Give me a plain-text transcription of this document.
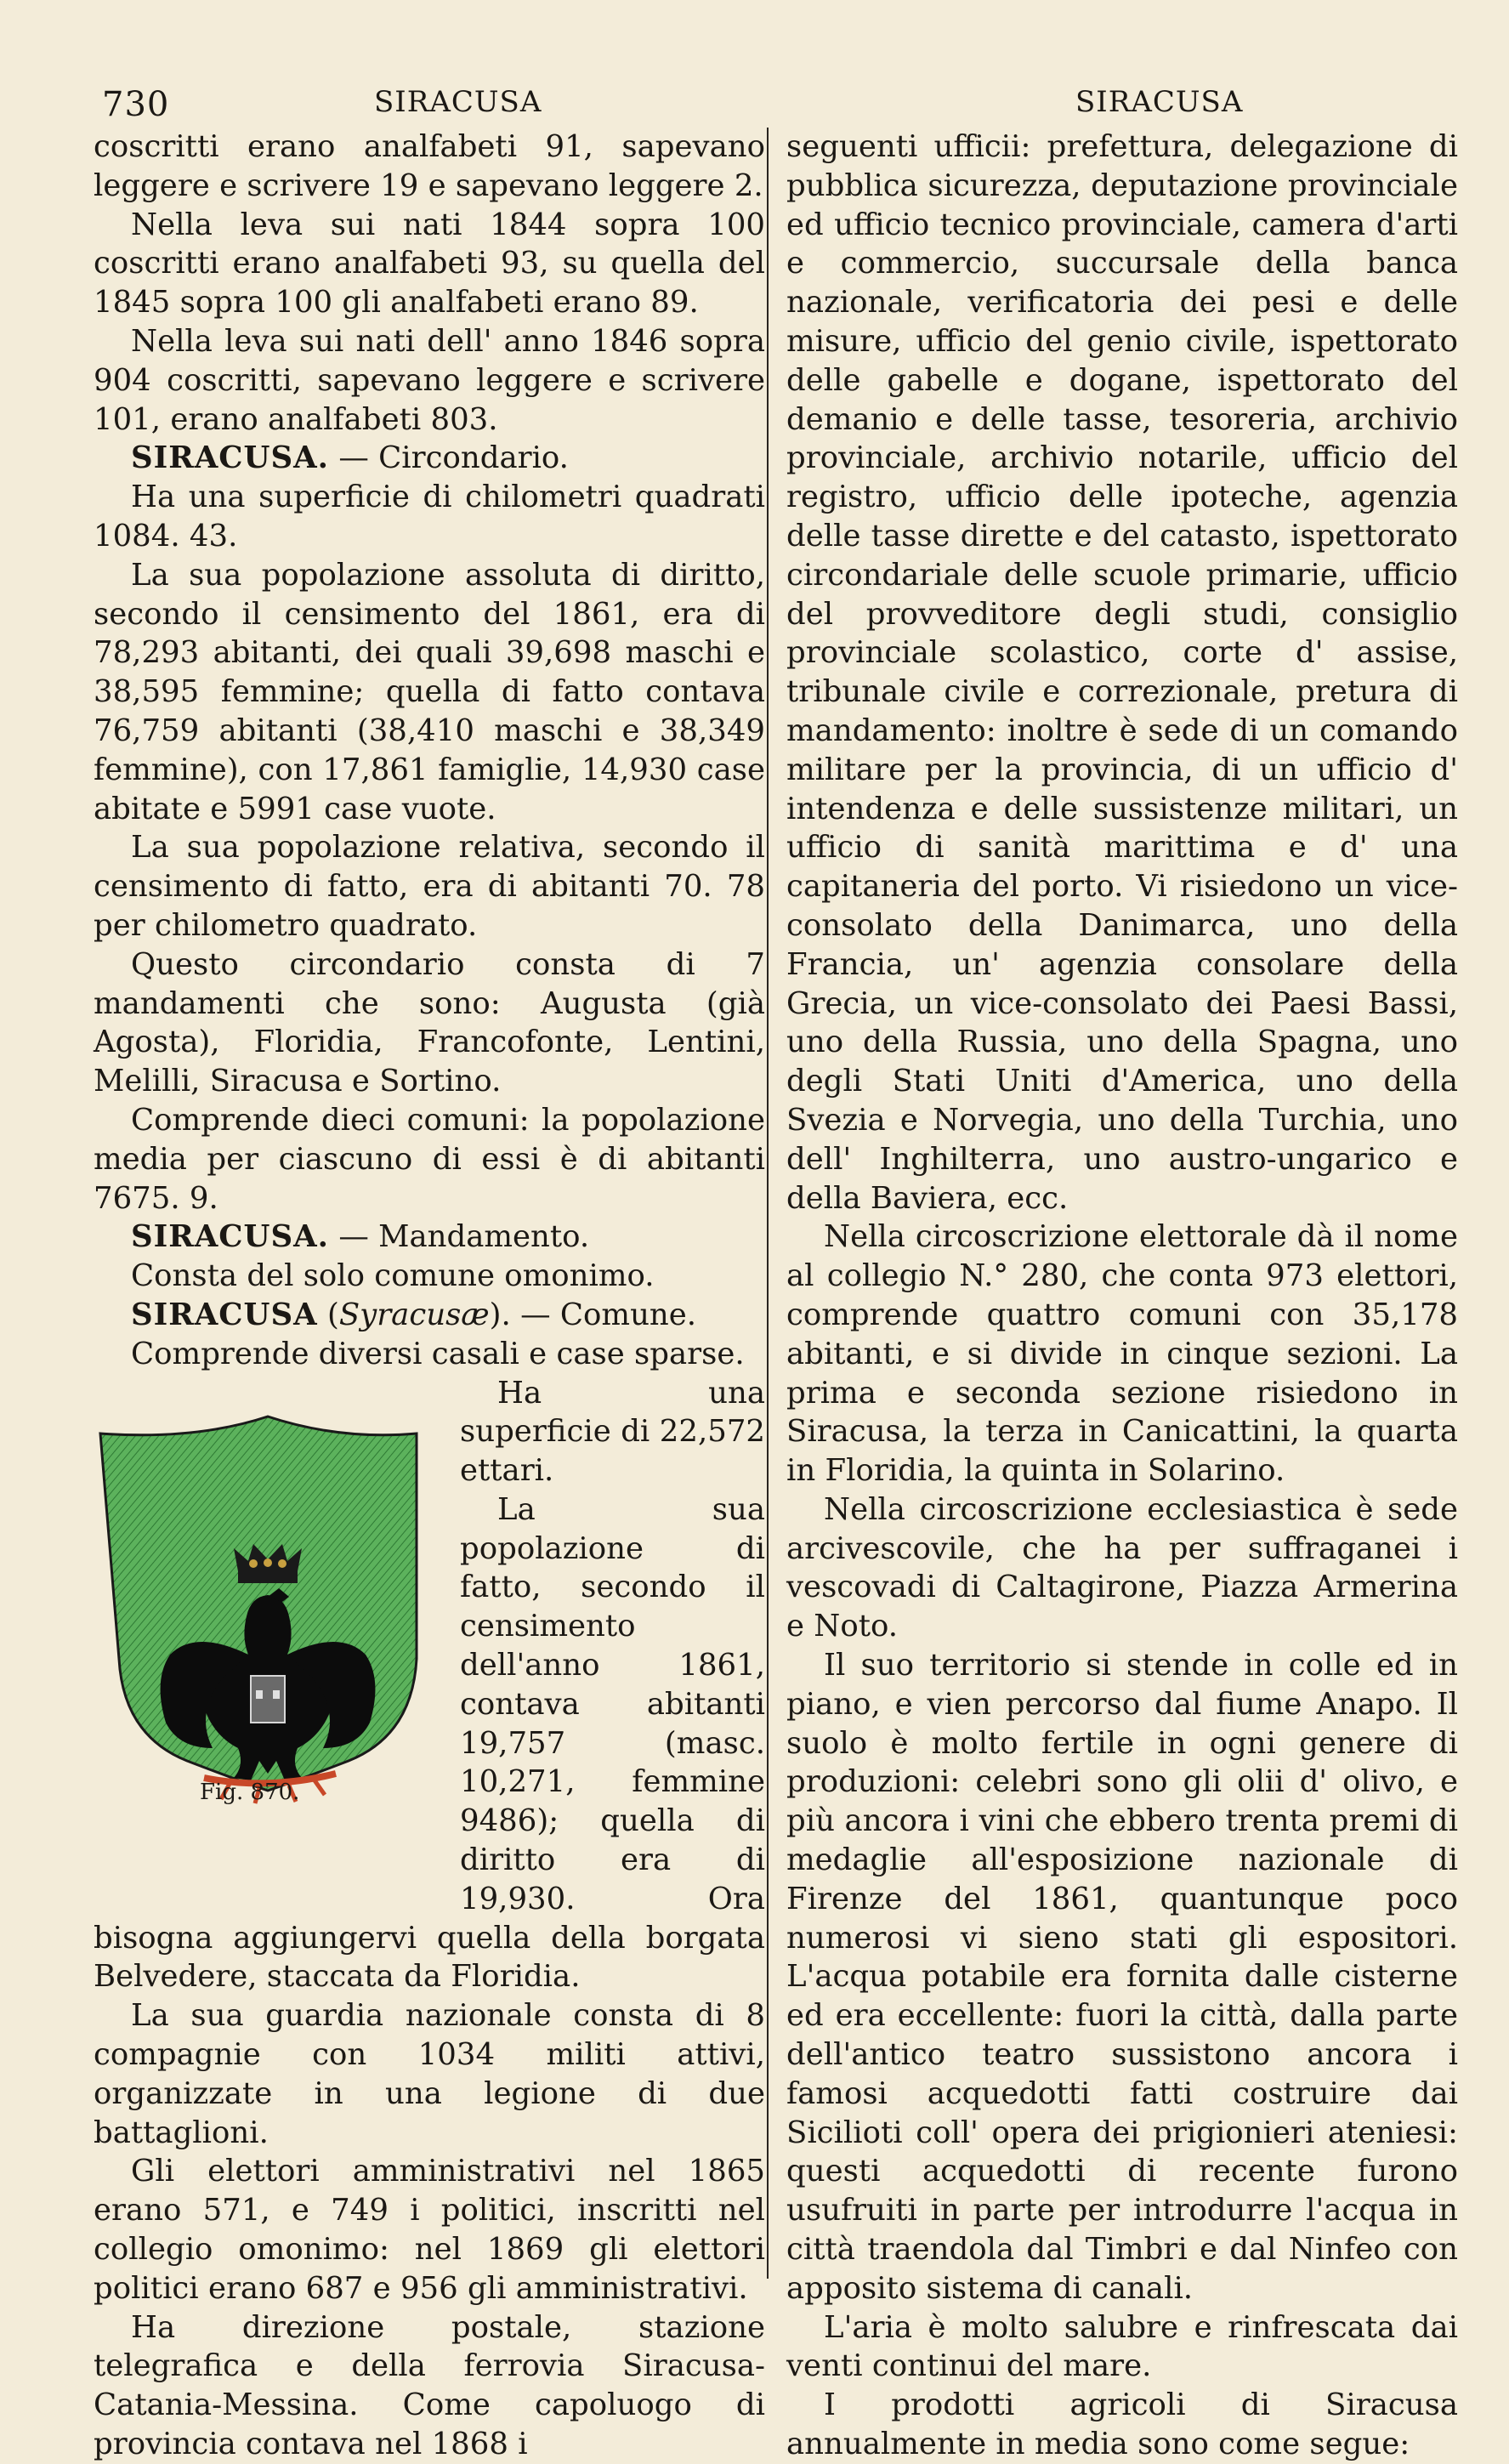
730	SIRACUSA	SIRACUSA

coscritti erano analfabeti 91, sapevano leggere e scrivere 19 e sapevano leggere 2.

Nella leva sui nati 1844 sopra 100 coscritti erano analfabeti 93, su quella del 1845 sopra 100 gli analfabeti erano 89.

Nella leva sui nati dell' anno 1846 sopra 904 coscritti, sapevano leggere e scrivere 101, erano analfabeti 803.

SIRACUSA. — Circondario.

Ha una superficie di chilometri quadrati 1084. 43.

La sua popolazione assoluta di diritto, secondo il censimento del 1861, era di 78,293 abitanti, dei quali 39,698 maschi e 38,595 femmine; quella di fatto contava 76,759 abitanti (38,410 maschi e 38,349 femmine), con 17,861 famiglie, 14,930 case abitate e 5991 case vuote.

La sua popolazione relativa, secondo il censimento di fatto, era di abitanti 70. 78 per chilometro quadrato.

Questo circondario consta di 7 mandamenti che sono: Augusta (già Agosta), Floridia, Francofonte, Lentini, Melilli, Siracusa e Sortino.

Comprende dieci comuni: la popolazione media per ciascuno di essi è di abitanti 7675. 9.

SIRACUSA. — Mandamento.

Consta del solo comune omonimo.

SIRACUSA (Syracusæ). — Comune.

Comprende diversi casali e case sparse.

Fig. 870.

Ha una superficie di 22,572 ettari.

La sua popolazione di fatto, secondo il censimento dell'anno 1861, contava abitanti 19,757 (masc. 10,271, femmine 9486); quella di diritto era di 19,930. Ora bisogna aggiungervi quella della borgata Belvedere, staccata da Floridia.

La sua guardia nazionale consta di 8 compagnie con 1034 militi attivi, organizzate in una legione di due battaglioni.

Gli elettori amministrativi nel 1865 erano 571, e 749 i politici, inscritti nel collegio omonimo: nel 1869 gli elettori politici erano 687 e 956 gli amministrativi.

Ha direzione postale, stazione telegrafica e della ferrovia Siracusa-Catania-Messina. Come capoluogo di provincia contava nel 1868 i

seguenti ufficii: prefettura, delegazione di pubblica sicurezza, deputazione provinciale ed ufficio tecnico provinciale, camera d'arti e commercio, succursale della banca nazionale, verificatoria dei pesi e delle misure, ufficio del genio civile, ispettorato delle gabelle e dogane, ispettorato del demanio e delle tasse, tesoreria, archivio provinciale, archivio notarile, ufficio del registro, ufficio delle ipoteche, agenzia delle tasse dirette e del catasto, ispettorato circondariale delle scuole primarie, ufficio del provveditore degli studi, consiglio provinciale scolastico, corte d' assise, tribunale civile e correzionale, pretura di mandamento: inoltre è sede di un comando militare per la provincia, di un ufficio d' intendenza e delle sussistenze militari, un ufficio di sanità marittima e d' una capitaneria del porto. Vi risiedono un vice-consolato della Danimarca, uno della Francia, un' agenzia consolare della Grecia, un vice-consolato dei Paesi Bassi, uno della Russia, uno della Spagna, uno degli Stati Uniti d'America, uno della Svezia e Norvegia, uno della Turchia, uno dell' Inghilterra, uno austro-ungarico e della Baviera, ecc.

Nella circoscrizione elettorale dà il nome al collegio N.° 280, che conta 973 elettori, comprende quattro comuni con 35,178 abitanti, e si divide in cinque sezioni. La prima e seconda sezione risiedono in Siracusa, la terza in Canicattini, la quarta in Floridia, la quinta in Solarino.

Nella circoscrizione ecclesiastica è sede arcivescovile, che ha per suffraganei i vescovadi di Caltagirone, Piazza Armerina e Noto.

Il suo territorio si stende in colle ed in piano, e vien percorso dal fiume Anapo. Il suolo è molto fertile in ogni genere di produzioni: celebri sono gli olii d' olivo, e più ancora i vini che ebbero trenta premi di medaglie all'esposizione nazionale di Firenze del 1861, quantunque poco numerosi vi sieno stati gli espositori. L'acqua potabile era fornita dalle cisterne ed era eccellente: fuori la città, dalla parte dell'antico teatro sussistono ancora i famosi acquedotti fatti costruire dai Sicilioti coll' opera dei prigionieri ateniesi: questi acquedotti di recente furono usufruiti in parte per introdurre l'acqua in città traendola dal Timbri e dal Ninfeo con apposito sistema di canali.

L'aria è molto salubre e rinfrescata dai venti continui del mare.

I prodotti agricoli di Siracusa annualmente in media sono come segue:
